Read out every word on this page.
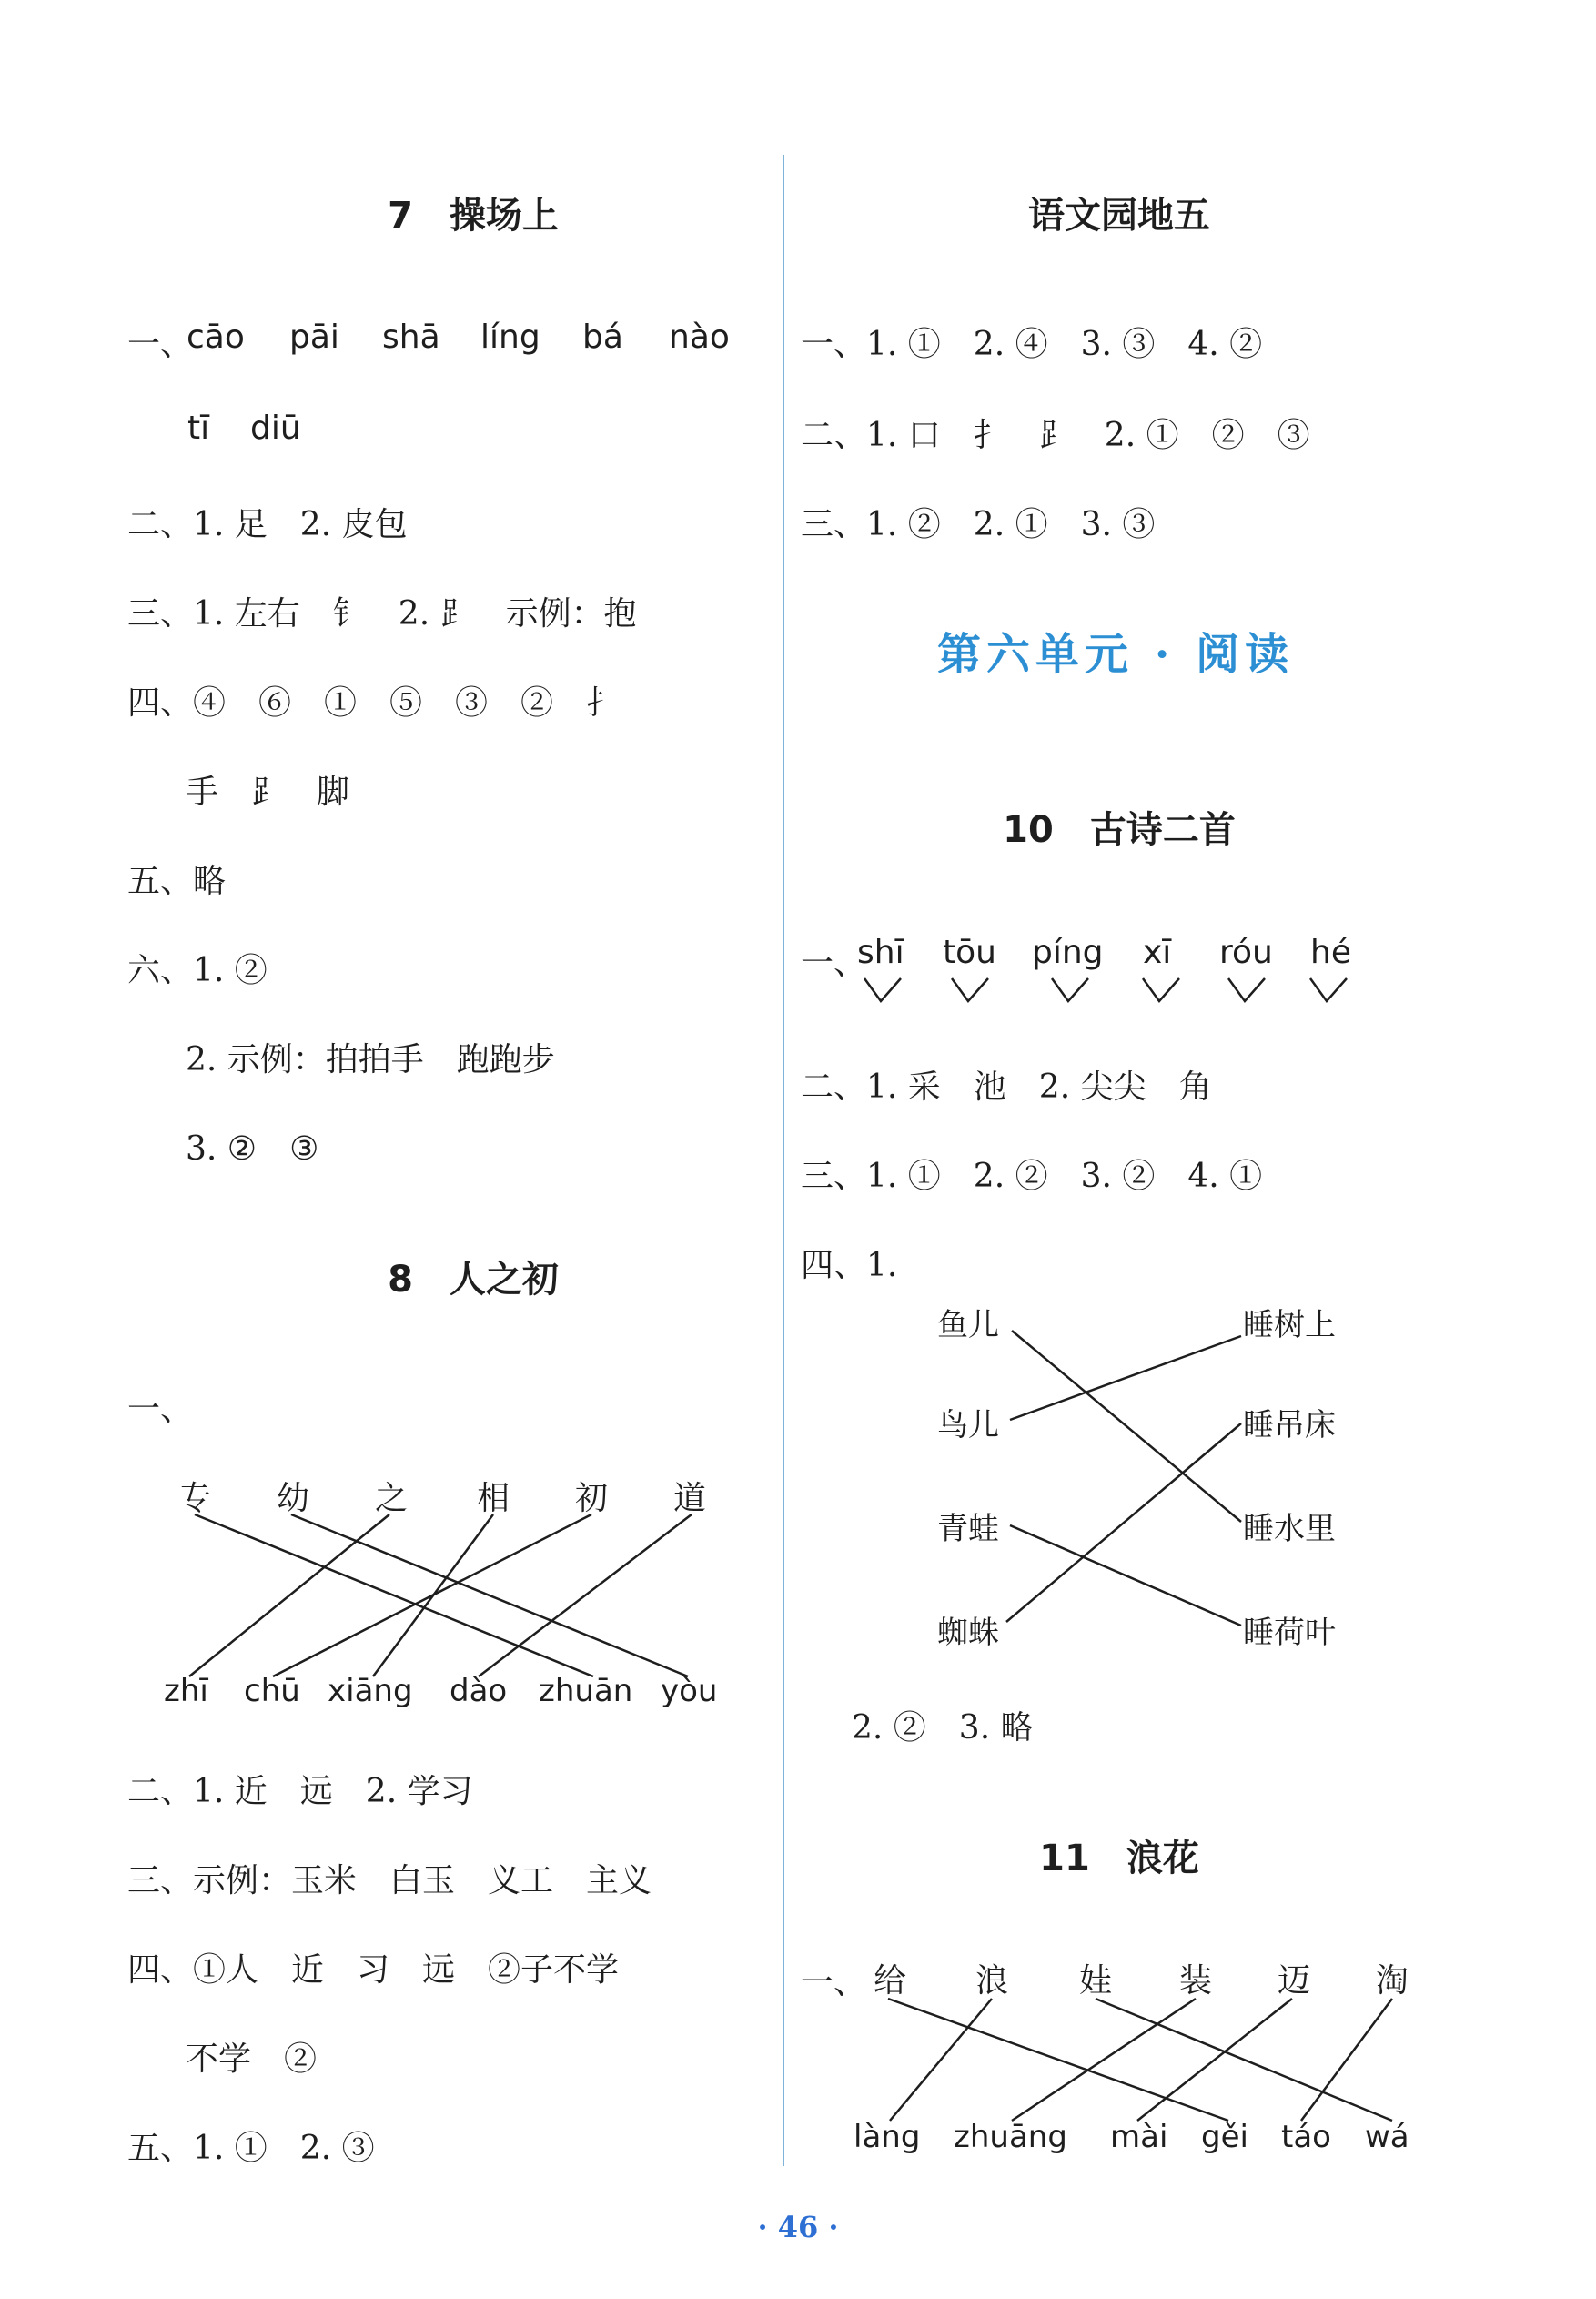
7　操场上
一、
cāo pāi shā líng bá nào
tī diū
二、1. 足　2. 皮包
三、1. 左右　钅　2. ⻊　示例：抱
四、④　⑥　①　⑤　③　②　扌
手　⻊　脚
五、略
六、1. ②
2. 示例：拍拍手　跑跑步
3. ②　③
8　人之初
一、
专 幼 之 相 初 道
zhī chū xiāng dào zhuān yòu
二、1. 近　远　2. 学习
三、示例：玉米　白玉　义工　主义
四、①人　近　习　远　②子不学
不学　②
五、1. ①　2. ③
语文园地五
一、1. ①　2. ④　3. ③　4. ②
二、1. ⼝　扌　⻊　2. ①　②　③
三、1. ②　2. ①　3. ③
第六单元 · 阅读
10　古诗二首
一、
shī tōu píng xī róu hé
二、1. 采　池　2. 尖尖　角
三、1. ①　2. ②　3. ②　4. ①
四、1.
鱼儿
鸟儿
青蛙
蜘蛛
睡树上
睡吊床
睡水里
睡荷叶
2. ②　3. 略
11　浪花
一、 给 浪 娃 装 迈 淘
làng zhuāng mài gěi táo wá
· 46 ·
